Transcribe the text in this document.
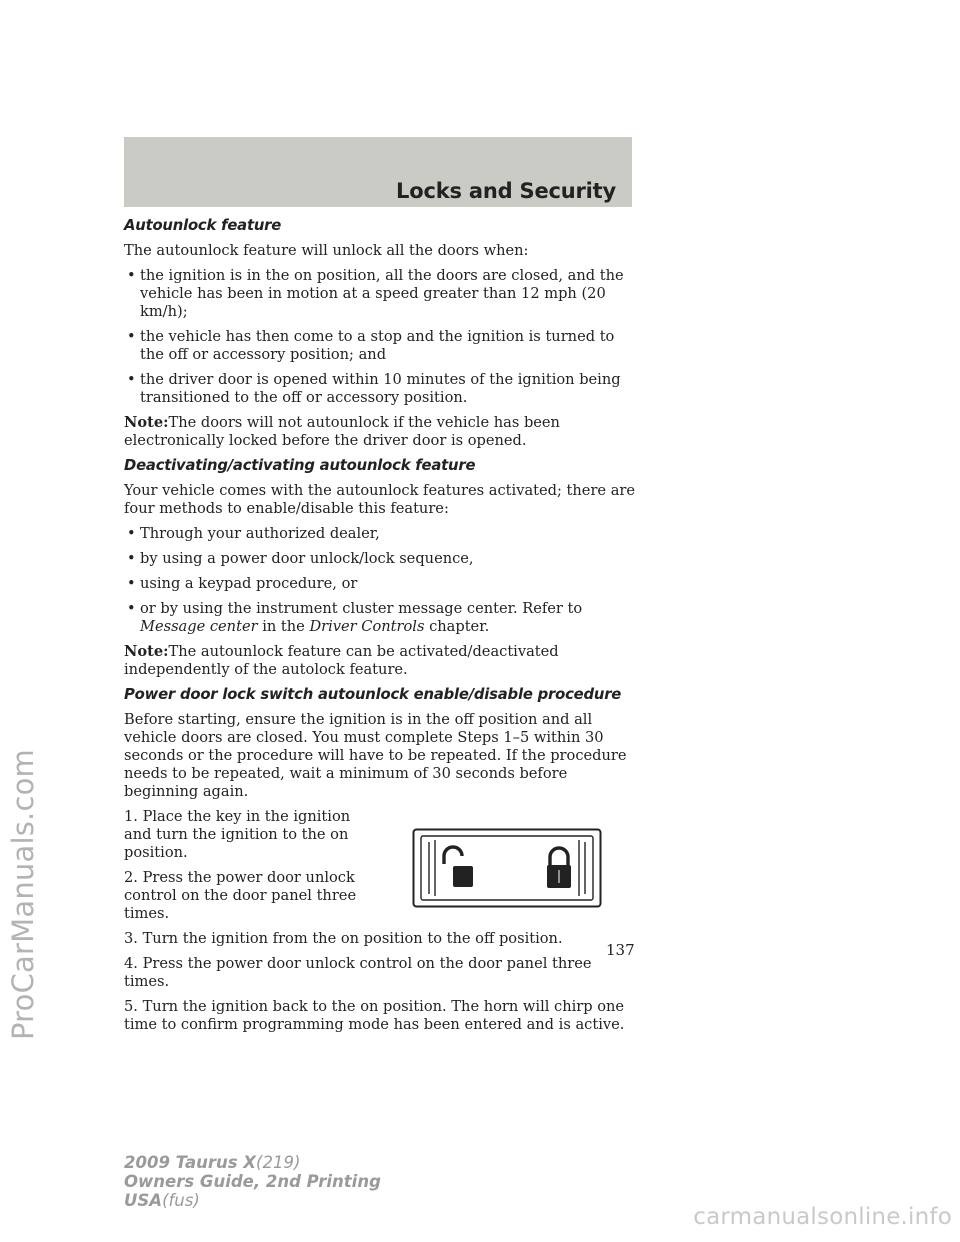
Locks and Security
ProCarManuals.com
Autounlock feature
The autounlock feature will unlock all the doors when:
• the ignition is in the on position, all the doors are closed, and the vehicle has been in motion at a speed greater than 12 mph (20 km/h);
• the vehicle has then come to a stop and the ignition is turned to the off or accessory position; and
• the driver door is opened within 10 minutes of the ignition being transitioned to the off or accessory position.
Note:The doors will not autounlock if the vehicle has been electronically locked before the driver door is opened.
Deactivating/activating autounlock feature
Your vehicle comes with the autounlock features activated; there are four methods to enable/disable this feature:
• Through your authorized dealer,
• by using a power door unlock/lock sequence,
• using a keypad procedure, or
• or by using the instrument cluster message center. Refer to Message center in the Driver Controls chapter.
Note:The autounlock feature can be activated/deactivated independently of the autolock feature.
Power door lock switch autounlock enable/disable procedure
Before starting, ensure the ignition is in the off position and all vehicle doors are closed. You must complete Steps 1–5 within 30 seconds or the procedure will have to be repeated. If the procedure needs to be repeated, wait a minimum of 30 seconds before beginning again.
1. Place the key in the ignition and turn the ignition to the on position.
2. Press the power door unlock control on the door panel three times.
3. Turn the ignition from the on position to the off position.
4. Press the power door unlock control on the door panel three times.
5. Turn the ignition back to the on position. The horn will chirp one time to confirm programming mode has been entered and is active.
137
2009 Taurus X(219)
Owners Guide, 2nd Printing
USA(fus)
carmanualsonline.info
